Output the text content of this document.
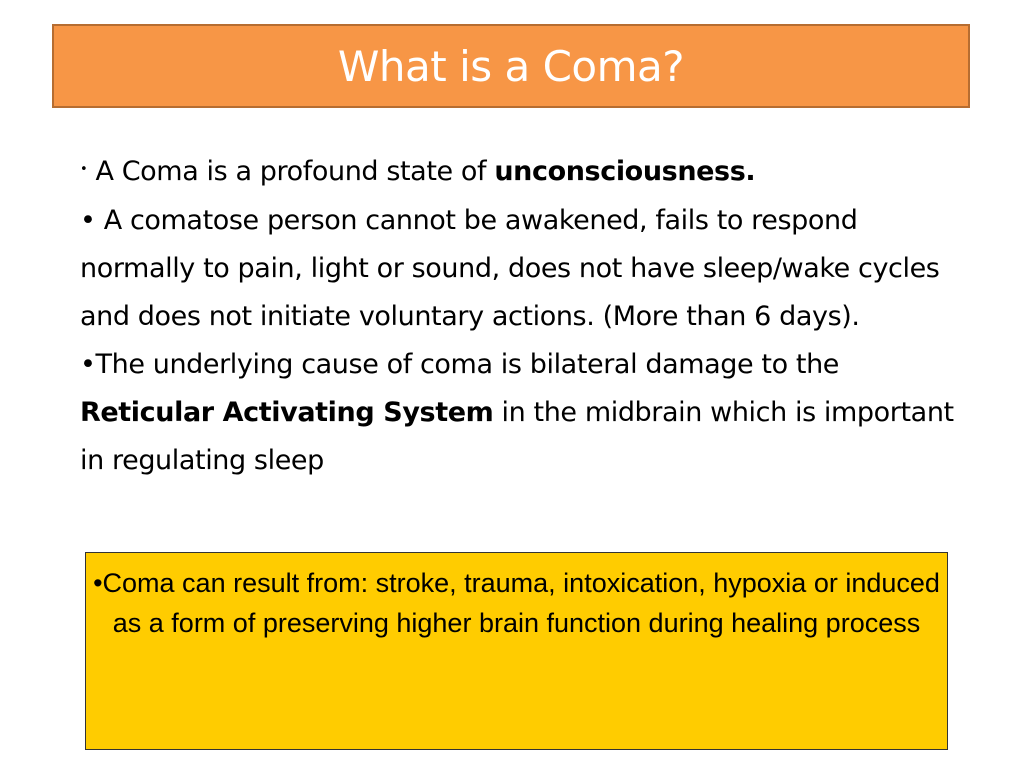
What is a Coma?

• A Coma is a profound state of unconsciousness.

• A comatose person cannot be awakened, fails to respond normally to pain, light or sound, does not have sleep/wake cycles and does not initiate voluntary actions. (More than 6 days).

•The underlying cause of coma is bilateral damage to the Reticular Activating System in the midbrain which is important in regulating sleep

•Coma can result from: stroke, trauma, intoxication, hypoxia or induced as a form of preserving higher brain function during healing process
